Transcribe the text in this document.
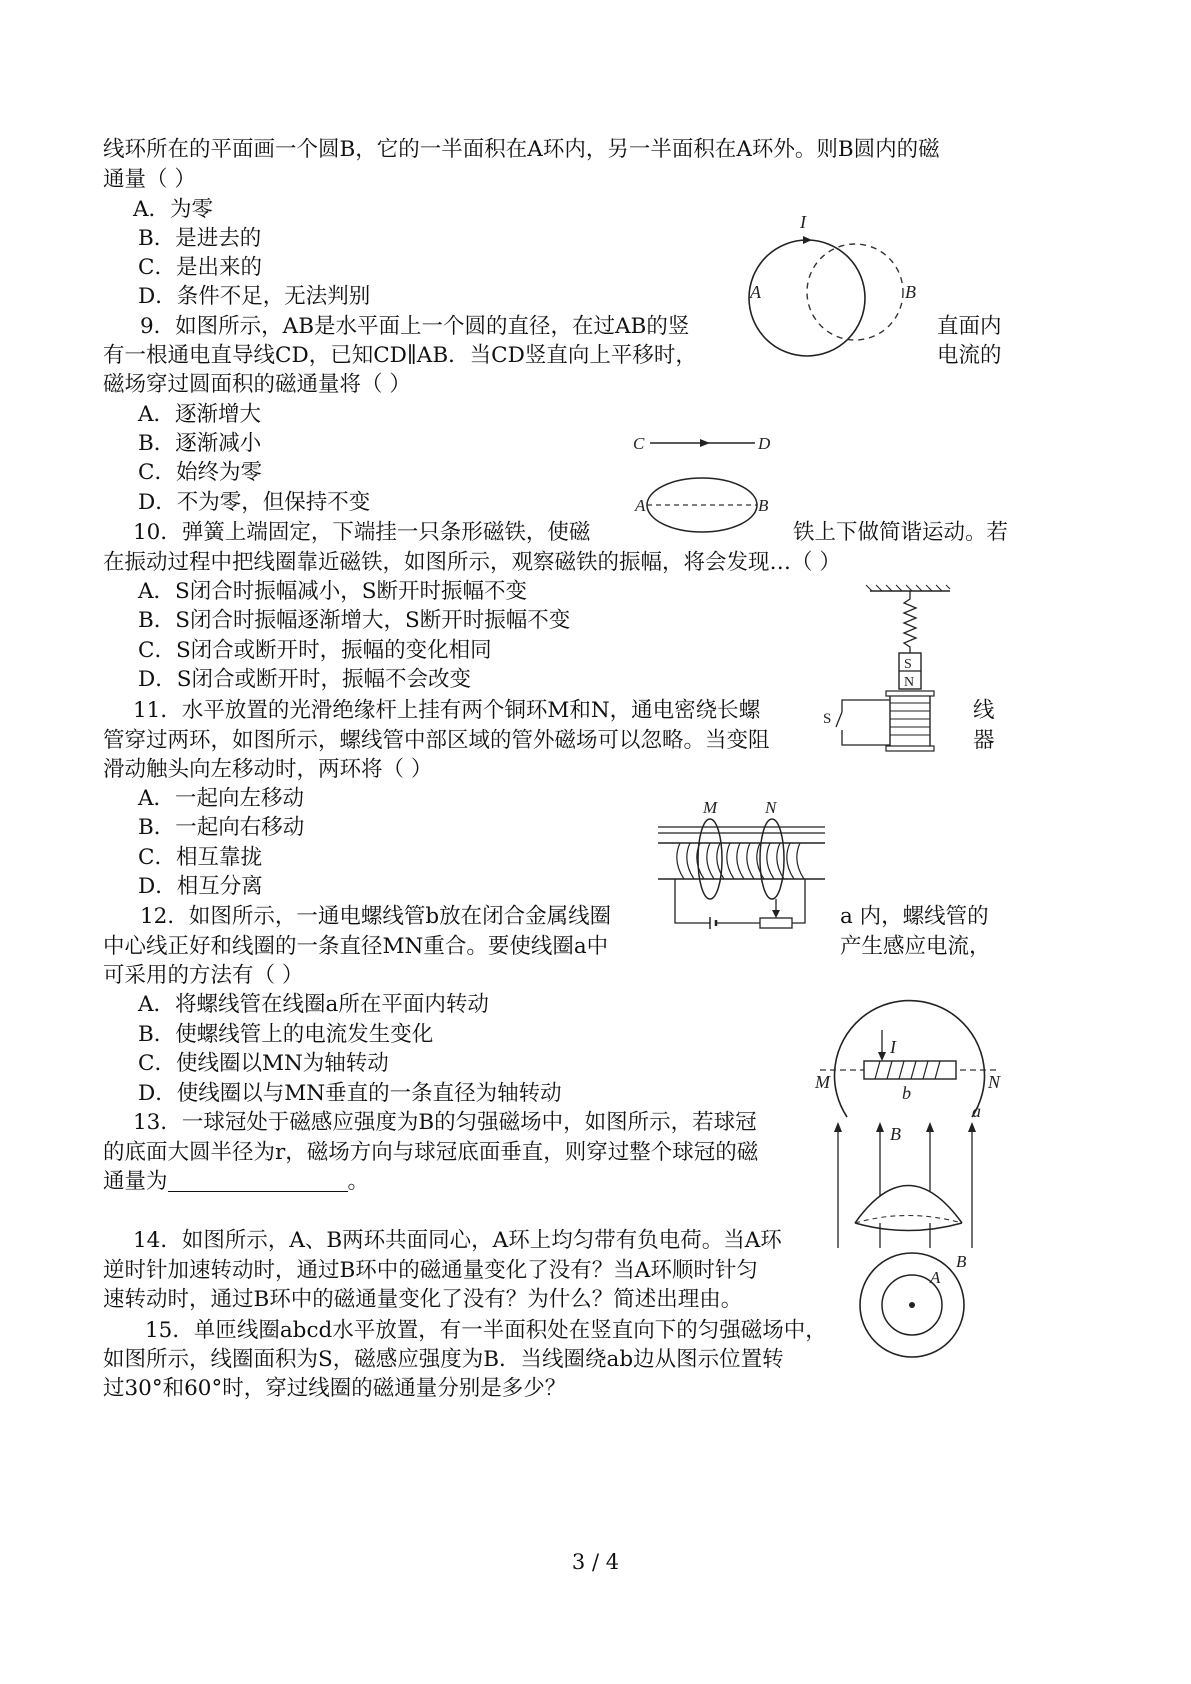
线环所在的平面画一个圆B，它的一半面积在A环内，另一半面积在A环外。则B圆内的磁
通量（ ）
A．为零
B．是进去的
C．是出来的
D．条件不足，无法判别
I
A	B
9．如图所示，AB是水平面上一个圆的直径，在过AB的竖	直面内
有一根通电直导线CD，已知CD∥AB．当CD竖直向上平移时，	电流的
磁场穿过圆面积的磁通量将（ ）
A．逐渐增大
B．逐渐减小
C．始终为零
D．不为零，但保持不变
C	D
A	B
10．弹簧上端固定，下端挂一只条形磁铁，使磁	铁上下做简谐运动。若
在振动过程中把线圈靠近磁铁，如图所示，观察磁铁的振幅，将会发现…（ ）
A．S闭合时振幅减小，S断开时振幅不变
B．S闭合时振幅逐渐增大，S断开时振幅不变
C．S闭合或断开时，振幅的变化相同
D．S闭合或断开时，振幅不会改变
S
N
S
11．水平放置的光滑绝缘杆上挂有两个铜环M和N，通电密绕长螺	线
管穿过两环，如图所示，螺线管中部区域的管外磁场可以忽略。当变阻	器
滑动触头向左移动时，两环将（ ）
A．一起向左移动
B．一起向右移动
C．相互靠拢
D．相互分离
M	N
12．如图所示，一通电螺线管b放在闭合金属线圈	a 内，螺线管的
中心线正好和线圈的一条直径MN重合。要使线圈a中	产生感应电流，
可采用的方法有（ ）
A．将螺线管在线圈a所在平面内转动
B．使螺线管上的电流发生变化
C．使线圈以MN为轴转动
D．使线圈以与MN垂直的一条直径为轴转动
I
M	N
b
a
13．一球冠处于磁感应强度为B的匀强磁场中，如图所示，若球冠
的底面大圆半径为r，磁场方向与球冠底面垂直，则穿过整个球冠的磁
通量为	。
B
14．如图所示，A、B两环共面同心，A环上均匀带有负电荷。当A环
逆时针加速转动时，通过B环中的磁通量变化了没有？当A环顺时针匀
速转动时，通过B环中的磁通量变化了没有？为什么？简述出理由。
A
B
15．单匝线圈abcd水平放置，有一半面积处在竖直向下的匀强磁场中，
如图所示，线圈面积为S，磁感应强度为B．当线圈绕ab边从图示位置转
过30°和60°时，穿过线圈的磁通量分别是多少？
3 / 4
